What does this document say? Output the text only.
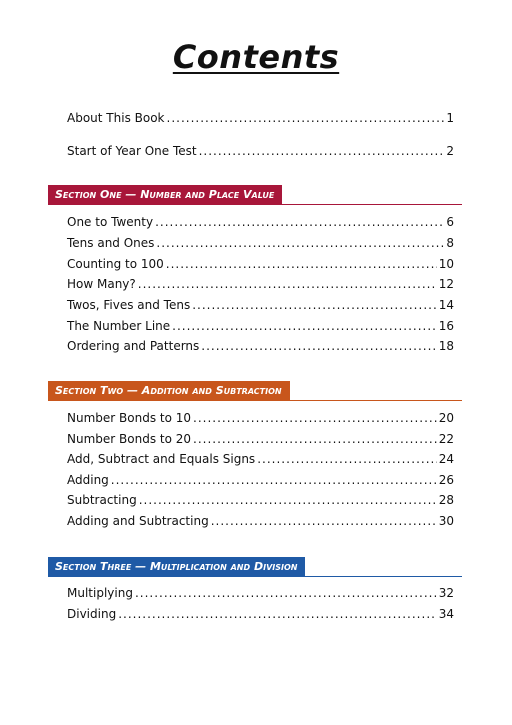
Contents
About This Book .....	1
Start of Year One Test .....	2
Section One — Number and Place Value
One to Twenty .....	6
Tens and Ones .....	8
Counting to 100 .....	10
How Many? .....	12
Twos, Fives and Tens .....	14
The Number Line .....	16
Ordering and Patterns .....	18
Section Two — Addition and Subtraction
Number Bonds to 10 .....	20
Number Bonds to 20 .....	22
Add, Subtract and Equals Signs .....	24
Adding .....	26
Subtracting .....	28
Adding and Subtracting .....	30
Section Three — Multiplication and Division
Multiplying .....	32
Dividing .....	34
